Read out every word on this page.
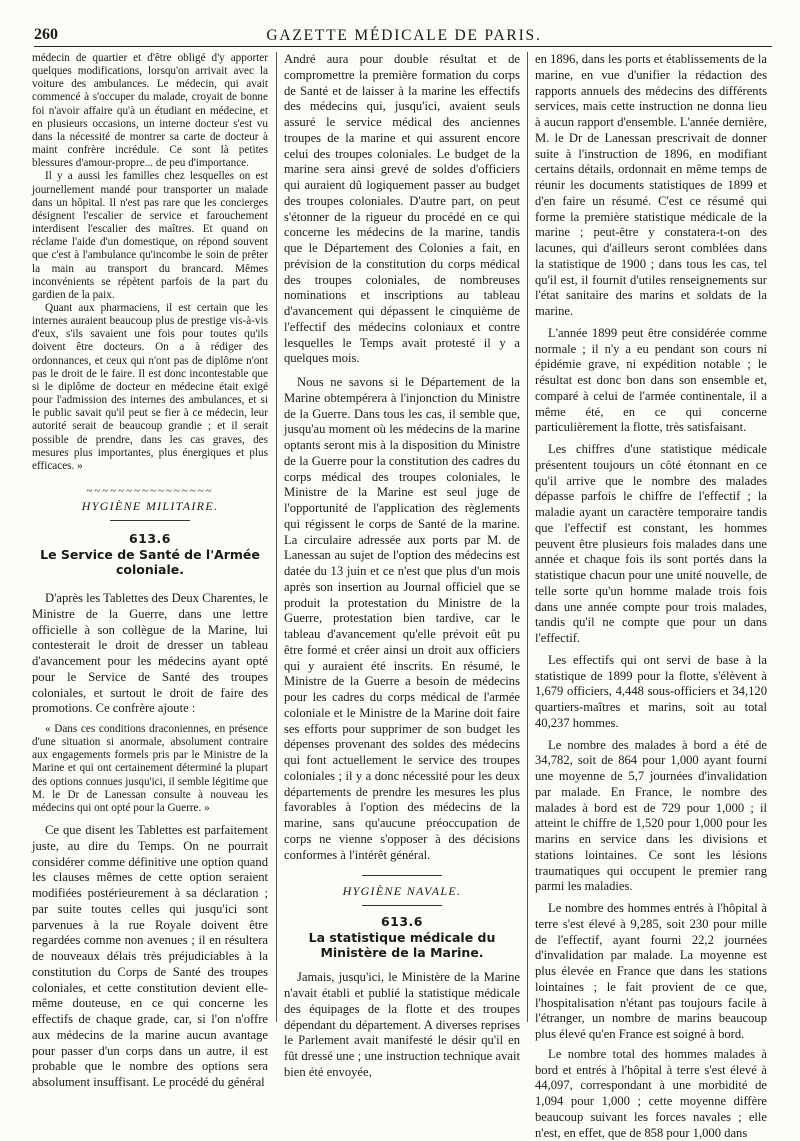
260	GAZETTE MÉDICALE DE PARIS.

médecin de quartier et d'être obligé d'y apporter quelques modifications, lorsqu'on arrivait avec la voiture des ambulances. Le médecin, qui avait commencé à s'occuper du malade, croyait de bonne foi n'avoir affaire qu'à un étudiant en médecine, et en plusieurs occasions, un interne docteur s'est vu dans la nécessité de montrer sa carte de docteur à maint confrère incrédule. Ce sont là petites blessures d'amour-propre... de peu d'importance.

Il y a aussi les familles chez lesquelles on est journellement mandé pour transporter un malade dans un hôpital. Il n'est pas rare que les concierges désignent l'escalier de service et farouchement interdisent l'escalier des maîtres. Et quand on réclame l'aide d'un domestique, on répond souvent que c'est à l'ambulance qu'incombe le soin de prêter la main au transport du brancard. Mêmes inconvénients se répètent parfois de la part du gardien de la paix.

Quant aux pharmaciens, il est certain que les internes auraient beaucoup plus de prestige vis-à-vis d'eux, s'ils savaient une fois pour toutes qu'ils doivent être docteurs. On a à rédiger des ordonnances, et ceux qui n'ont pas de diplôme n'ont pas le droit de le faire. Il est donc incontestable que si le diplôme de docteur en médecine était exigé pour l'admission des internes des ambulances, et si le public savait qu'il peut se fier à ce médecin, leur autorité serait de beaucoup grandie ; et il serait possible de prendre, dans les cas graves, des mesures plus importantes, plus énergiques et plus efficaces. »

~~~~~~~~~~~~~~~~

HYGIÈNE MILITAIRE.

613.6

Le Service de Santé de l'Armée coloniale.

D'après les Tablettes des Deux Charentes, le Ministre de la Guerre, dans une lettre officielle à son collègue de la Marine, lui contesterait le droit de dresser un tableau d'avancement pour les médecins ayant opté pour le Service de Santé des troupes coloniales, et surtout le droit de faire des promotions. Ce confrère ajoute :

« Dans ces conditions draconiennes, en présence d'une situation si anormale, absolument contraire aux engagements formels pris par le Ministre de la Marine et qui ont certainement déterminé la plupart des options connues jusqu'ici, il semble légitime que M. le Dr de Lanessan consulte à nouveau les médecins qui ont opté pour la Guerre. »

Ce que disent les Tablettes est parfaitement juste, au dire du Temps. On ne pourrait considérer comme définitive une option quand les clauses mêmes de cette option seraient modifiées postérieurement à sa déclaration ; par suite toutes celles qui jusqu'ici sont parvenues à la rue Royale doivent être regardées comme non avenues ; il en résultera de nouveaux délais très préjudiciables à la constitution du Corps de Santé des troupes coloniales, et cette constitution devient elle-même douteuse, en ce qui concerne les effectifs de chaque grade, car, si l'on n'offre aux médecins de la marine aucun avantage pour passer d'un corps dans un autre, il est probable que le nombre des options sera absolument insuffisant. Le procédé du général

André aura pour double résultat et de compromettre la première formation du corps de Santé et de laisser à la marine les effectifs des médecins qui, jusqu'ici, avaient seuls assuré le service médical des anciennes troupes de la marine et qui assurent encore celui des troupes coloniales. Le budget de la marine sera ainsi grevé de soldes d'officiers qui auraient dû logiquement passer au budget des troupes coloniales. D'autre part, on peut s'étonner de la rigueur du procédé en ce qui concerne les médecins de la marine, tandis que le Département des Colonies a fait, en prévision de la constitution du corps médical des troupes coloniales, de nombreuses nominations et inscriptions au tableau d'avancement qui dépassent le cinquième de l'effectif des médecins coloniaux et contre lesquelles le Temps avait protesté il y a quelques mois.

Nous ne savons si le Département de la Marine obtempérera à l'injonction du Ministre de la Guerre. Dans tous les cas, il semble que, jusqu'au moment où les médecins de la marine optants seront mis à la disposition du Ministre de la Guerre pour la constitution des cadres du corps médical des troupes coloniales, le Ministre de la Marine est seul juge de l'opportunité de l'application des règlements qui régissent le corps de Santé de la marine. La circulaire adressée aux ports par M. de Lanessan au sujet de l'option des médecins est datée du 13 juin et ce n'est que plus d'un mois après son insertion au Journal officiel que se produit la protestation du Ministre de la Guerre, protestation bien tardive, car le tableau d'avancement qu'elle prévoit eût pu être formé et créer ainsi un droit aux officiers qui y auraient été inscrits. En résumé, le Ministre de la Guerre a besoin de médecins pour les cadres du corps médical de l'armée coloniale et le Ministre de la Marine doit faire ses efforts pour supprimer de son budget les dépenses provenant des soldes des médecins qui font actuellement le service des troupes coloniales ; il y a donc nécessité pour les deux départements de prendre les mesures les plus favorables à l'option des médecins de la marine, sans qu'aucune préoccupation de corps ne vienne s'opposer à des décisions conformes à l'intérêt général.

HYGIÈNE NAVALE.

613.6

La statistique médicale du Ministère de la Marine.

Jamais, jusqu'ici, le Ministère de la Marine n'avait établi et publié la statistique médicale des équipages de la flotte et des troupes dépendant du département. A diverses reprises le Parlement avait manifesté le désir qu'il en fût dressé une ; une instruction technique avait bien été envoyée,

en 1896, dans les ports et établissements de la marine, en vue d'unifier la rédaction des rapports annuels des médecins des différents services, mais cette instruction ne donna lieu à aucun rapport d'ensemble. L'année dernière, M. le Dr de Lanessan prescrivait de donner suite à l'instruction de 1896, en modifiant certains détails, ordonnait en même temps de réunir les documents statistiques de 1899 et d'en faire un résumé. C'est ce résumé qui forme la première statistique médicale de la marine ; peut-être y constatera-t-on des lacunes, qui d'ailleurs seront comblées dans la statistique de 1900 ; dans tous les cas, tel qu'il est, il fournit d'utiles renseignements sur l'état sanitaire des marins et soldats de la marine.

L'année 1899 peut être considérée comme normale ; il n'y a eu pendant son cours ni épidémie grave, ni expédition notable ; le résultat est donc bon dans son ensemble et, comparé à celui de l'armée continentale, il a même été, en ce qui concerne particulièrement la flotte, très satisfaisant.

Les chiffres d'une statistique médicale présentent toujours un côté étonnant en ce qu'il arrive que le nombre des malades dépasse parfois le chiffre de l'effectif ; la maladie ayant un caractère temporaire tandis que l'effectif est constant, les hommes peuvent être plusieurs fois malades dans une année et chaque fois ils sont portés dans la statistique chacun pour une unité nouvelle, de telle sorte qu'un homme malade trois fois dans une année compte pour trois malades, tandis qu'il ne compte que pour un dans l'effectif.

Les effectifs qui ont servi de base à la statistique de 1899 pour la flotte, s'élèvent à 1,679 officiers, 4,448 sous-officiers et 34,120 quartiers-maîtres et marins, soit au total 40,237 hommes.

Le nombre des malades à bord a été de 34,782, soit de 864 pour 1,000 ayant fourni une moyenne de 5,7 journées d'invalidation par malade. En France, le nombre des malades à bord est de 729 pour 1,000 ; il atteint le chiffre de 1,520 pour 1,000 pour les marins en service dans les divisions et stations lointaines. Ce sont les lésions traumatiques qui occupent le premier rang parmi les maladies.

Le nombre des hommes entrés à l'hôpital à terre s'est élevé à 9,285, soit 230 pour mille de l'effectif, ayant fourni 22,2 journées d'invalidation par malade. La moyenne est plus élevée en France que dans les stations lointaines ; le fait provient de ce que, l'hospitalisation n'étant pas toujours facile à l'étranger, un nombre de marins beaucoup plus élevé qu'en France est soigné à bord.

Le nombre total des hommes malades à bord et entrés à l'hôpital à terre s'est élevé à 44,097, correspondant à une morbidité de 1,094 pour 1,000 ; cette moyenne diffère beaucoup suivant les forces navales ; elle n'est, en effet, que de 858 pour 1,000 dans
